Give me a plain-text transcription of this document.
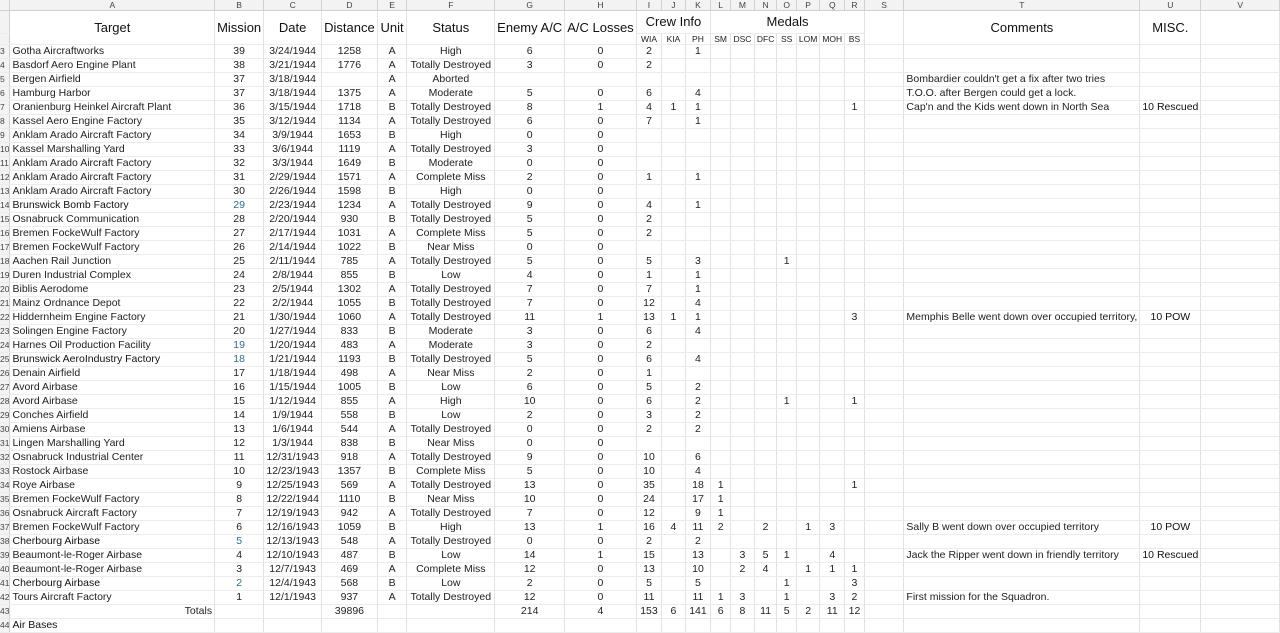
	A	B	C	D	E	F	G	H	I	J	K	L	M	N	O	P	Q	R	S	T	U	V
	Target	Mission	Date	Distance	Unit	Status	Enemy A/C	A/C Losses	Crew Info			Medals								Comments	MISC.	
									WIA	KIA	PH	SM	DSC	DFC	SS	LOM	MOH	BS				
3	Gotha Aircraftworks	39	3/24/1944	1258	A	High	6	0	2		1											
4	Basdorf Aero Engine Plant	38	3/21/1944	1776	A	Totally Destroyed	3	0	2													
5	Bergen Airfield	37	3/18/1944		A	Aborted														Bombardier couldn't get a fix after two tries		
6	Hamburg Harbor	37	3/18/1944	1375	A	Moderate	5	0	6		4									T.O.O. after Bergen could get a lock.		
7	Oranienburg Heinkel Aircraft Plant	36	3/15/1944	1718	B	Totally Destroyed	8	1	4	1	1							1		Cap'n and the Kids went down in North Sea	10 Rescued	
8	Kassel Aero Engine Factory	35	3/12/1944	1134	A	Totally Destroyed	6	0	7		1											
9	Anklam Arado Aircraft Factory	34	3/9/1944	1653	B	High	0	0														
10	Kassel Marshalling Yard	33	3/6/1944	1119	A	Totally Destroyed	3	0														
11	Anklam Arado Aircraft Factory	32	3/3/1944	1649	B	Moderate	0	0														
12	Anklam Arado Aircraft Factory	31	2/29/1944	1571	A	Complete Miss	2	0	1		1											
13	Anklam Arado Aircraft Factory	30	2/26/1944	1598	B	High	0	0														
14	Brunswick Bomb Factory	29	2/23/1944	1234	A	Totally Destroyed	9	0	4		1											
15	Osnabruck Communication	28	2/20/1944	930	B	Totally Destroyed	5	0	2													
16	Bremen FockeWulf Factory	27	2/17/1944	1031	A	Complete Miss	5	0	2													
17	Bremen FockeWulf Factory	26	2/14/1944	1022	B	Near Miss	0	0														
18	Aachen Rail Junction	25	2/11/1944	785	A	Totally Destroyed	5	0	5		3				1							
19	Duren Industrial Complex	24	2/8/1944	855	B	Low	4	0	1		1											
20	Biblis Aerodome	23	2/5/1944	1302	A	Totally Destroyed	7	0	7		1											
21	Mainz Ordnance Depot	22	2/2/1944	1055	B	Totally Destroyed	7	0	12		4											
22	Hiddernheim Engine Factory	21	1/30/1944	1060	A	Totally Destroyed	11	1	13	1	1							3		Memphis Belle went down over occupied territory,	10 POW	
23	Solingen Engine Factory	20	1/27/1944	833	B	Moderate	3	0	6		4											
24	Harnes Oil Production Facility	19	1/20/1944	483	A	Moderate	3	0	2													
25	Brunswick AeroIndustry Factory	18	1/21/1944	1193	B	Totally Destroyed	5	0	6		4											
26	Denain Airfield	17	1/18/1944	498	A	Near Miss	2	0	1													
27	Avord Airbase	16	1/15/1944	1005	B	Low	6	0	5		2											
28	Avord Airbase	15	1/12/1944	855	A	High	10	0	6		2				1			1				
29	Conches Airfield	14	1/9/1944	558	B	Low	2	0	3		2											
30	Amiens Airbase	13	1/6/1944	544	A	Totally Destroyed	0	0	2		2											
31	Lingen Marshalling Yard	12	1/3/1944	838	B	Near Miss	0	0														
32	Osnabruck Industrial Center	11	12/31/1943	918	A	Totally Destroyed	9	0	10		6											
33	Rostock Airbase	10	12/23/1943	1357	B	Complete Miss	5	0	10		4											
34	Roye Airbase	9	12/25/1943	569	A	Totally Destroyed	13	0	35		18	1						1				
35	Bremen FockeWulf Factory	8	12/22/1944	1110	B	Near Miss	10	0	24		17	1										
36	Osnabruck Aircraft Factory	7	12/19/1943	942	A	Totally Destroyed	7	0	12		9	1										
37	Bremen FockeWulf Factory	6	12/16/1943	1059	B	High	13	1	16	4	11	2		2		1	3			Sally B went down over occupied territory	10 POW	
38	Cherbourg Airbase	5	12/13/1943	548	A	Totally Destroyed	0	0	2		2											
39	Beaumont-le-Roger Airbase	4	12/10/1943	487	B	Low	14	1	15		13		3	5	1		4			Jack the Ripper went down in friendly territory	10 Rescued	
40	Beaumont-le-Roger Airbase	3	12/7/1943	469	A	Complete Miss	12	0	13		10		2	4		1	1	1				
41	Cherbourg Airbase	2	12/4/1943	568	B	Low	2	0	5		5				1			3				
42	Tours Aircraft Factory	1	12/1/1943	937	A	Totally Destroyed	12	0	11		11	1	3		1		3	2		First mission for the Squadron.		
43	Totals			39896			214	4	153	6	141	6	8	11	5	2	11	12				
44	Air Bases																					
